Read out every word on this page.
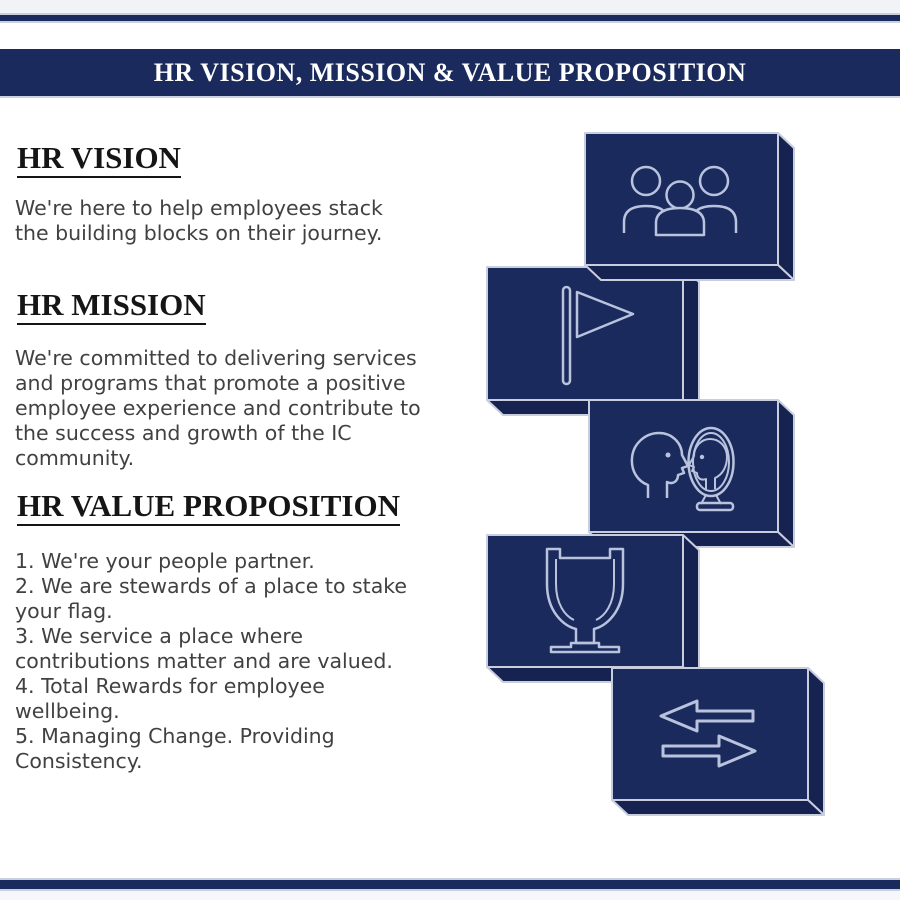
HR VISION, MISSION & VALUE PROPOSITION
HR VISION
We're here to help employees stack
the building blocks on their journey.
HR MISSION
We're committed to delivering services
and programs that promote a positive
employee experience and contribute to
the success and growth of the IC
community.
HR VALUE PROPOSITION
1. We're your people partner.
2. We are stewards of a place to stake
your flag.
3. We service a place where
contributions matter and are valued.
4. Total Rewards for employee
wellbeing.
5. Managing Change. Providing
Consistency.
